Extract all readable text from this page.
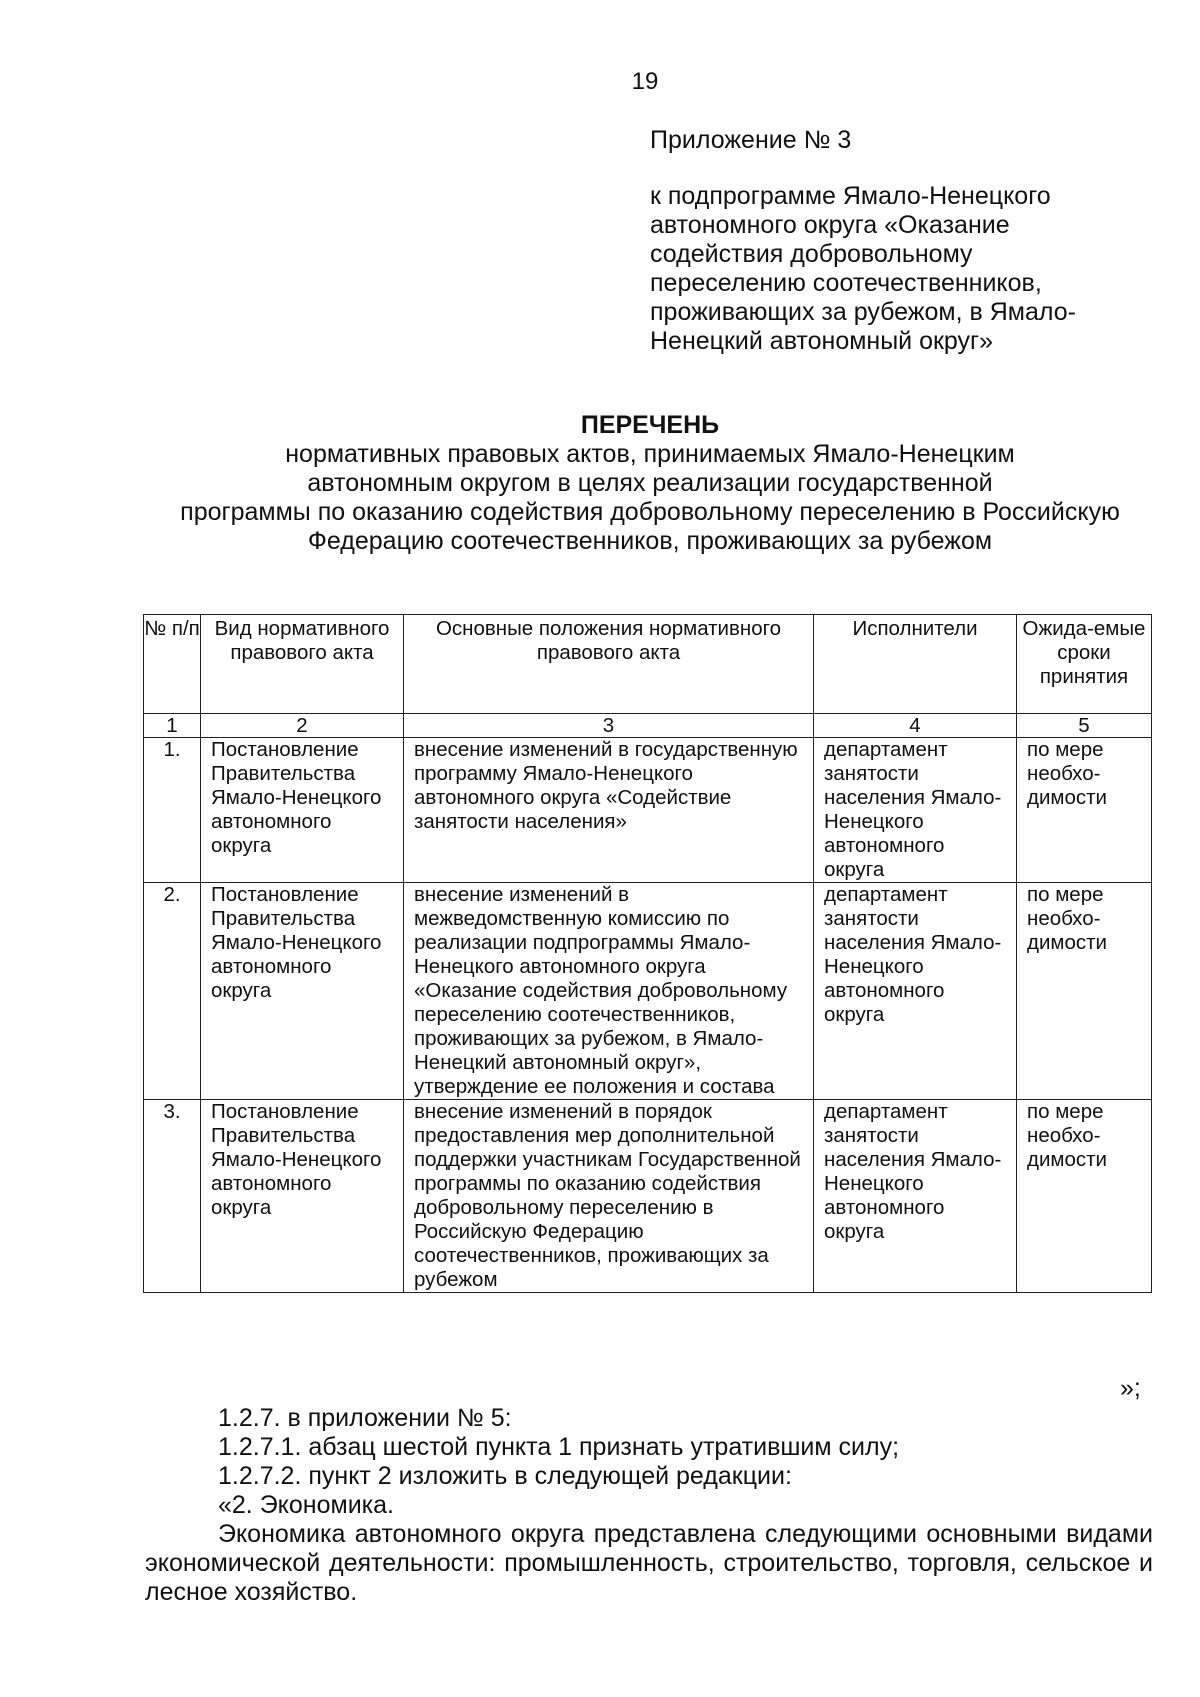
19
Приложение № 3
к подпрограмме Ямало-Ненецкого
автономного округа «Оказание
содействия добровольному
переселению соотечественников,
проживающих за рубежом, в Ямало-
Ненецкий автономный округ»
ПЕРЕЧЕНЬ
нормативных правовых актов, принимаемых Ямало-Ненецким
автономным округом в целях реализации государственной
программы по оказанию содействия добровольному переселению в Российскую
Федерацию соотечественников, проживающих за рубежом
№ п/п	Вид нормативного правового акта	Основные положения нормативного правового акта	Исполнители	Ожида-емые сроки принятия
1	2	3	4	5
1.	Постановление Правительства Ямало-Ненецкого автономного округа	внесение изменений в государственную программу Ямало-Ненецкого автономного округа «Содействие занятости населения»	департамент занятости населения Ямало-Ненецкого автономного округа	по мере необхо-димости
2.	Постановление Правительства Ямало-Ненецкого автономного округа	внесение изменений в межведомственную комиссию по реализации подпрограммы Ямало-Ненецкого автономного округа «Оказание содействия добровольному переселению соотечественников, проживающих за рубежом, в Ямало-Ненецкий автономный округ», утверждение ее положения и состава	департамент занятости населения Ямало-Ненецкого автономного округа	по мере необхо-димости
3.	Постановление Правительства Ямало-Ненецкого автономного округа	внесение изменений в порядок предоставления мер дополнительной поддержки участникам Государственной программы по оказанию содействия добровольному переселению в Российскую Федерацию соотечественников, проживающих за рубежом	департамент занятости населения Ямало-Ненецкого автономного округа	по мере необхо-димости
»;
1.2.7. в приложении № 5:
1.2.7.1. абзац шестой пункта 1 признать утратившим силу;
1.2.7.2. пункт 2 изложить в следующей редакции:
«2. Экономика.
Экономика автономного округа представлена следующими основными видами экономической деятельности: промышленность, строительство, торговля, сельское и лесное хозяйство.
